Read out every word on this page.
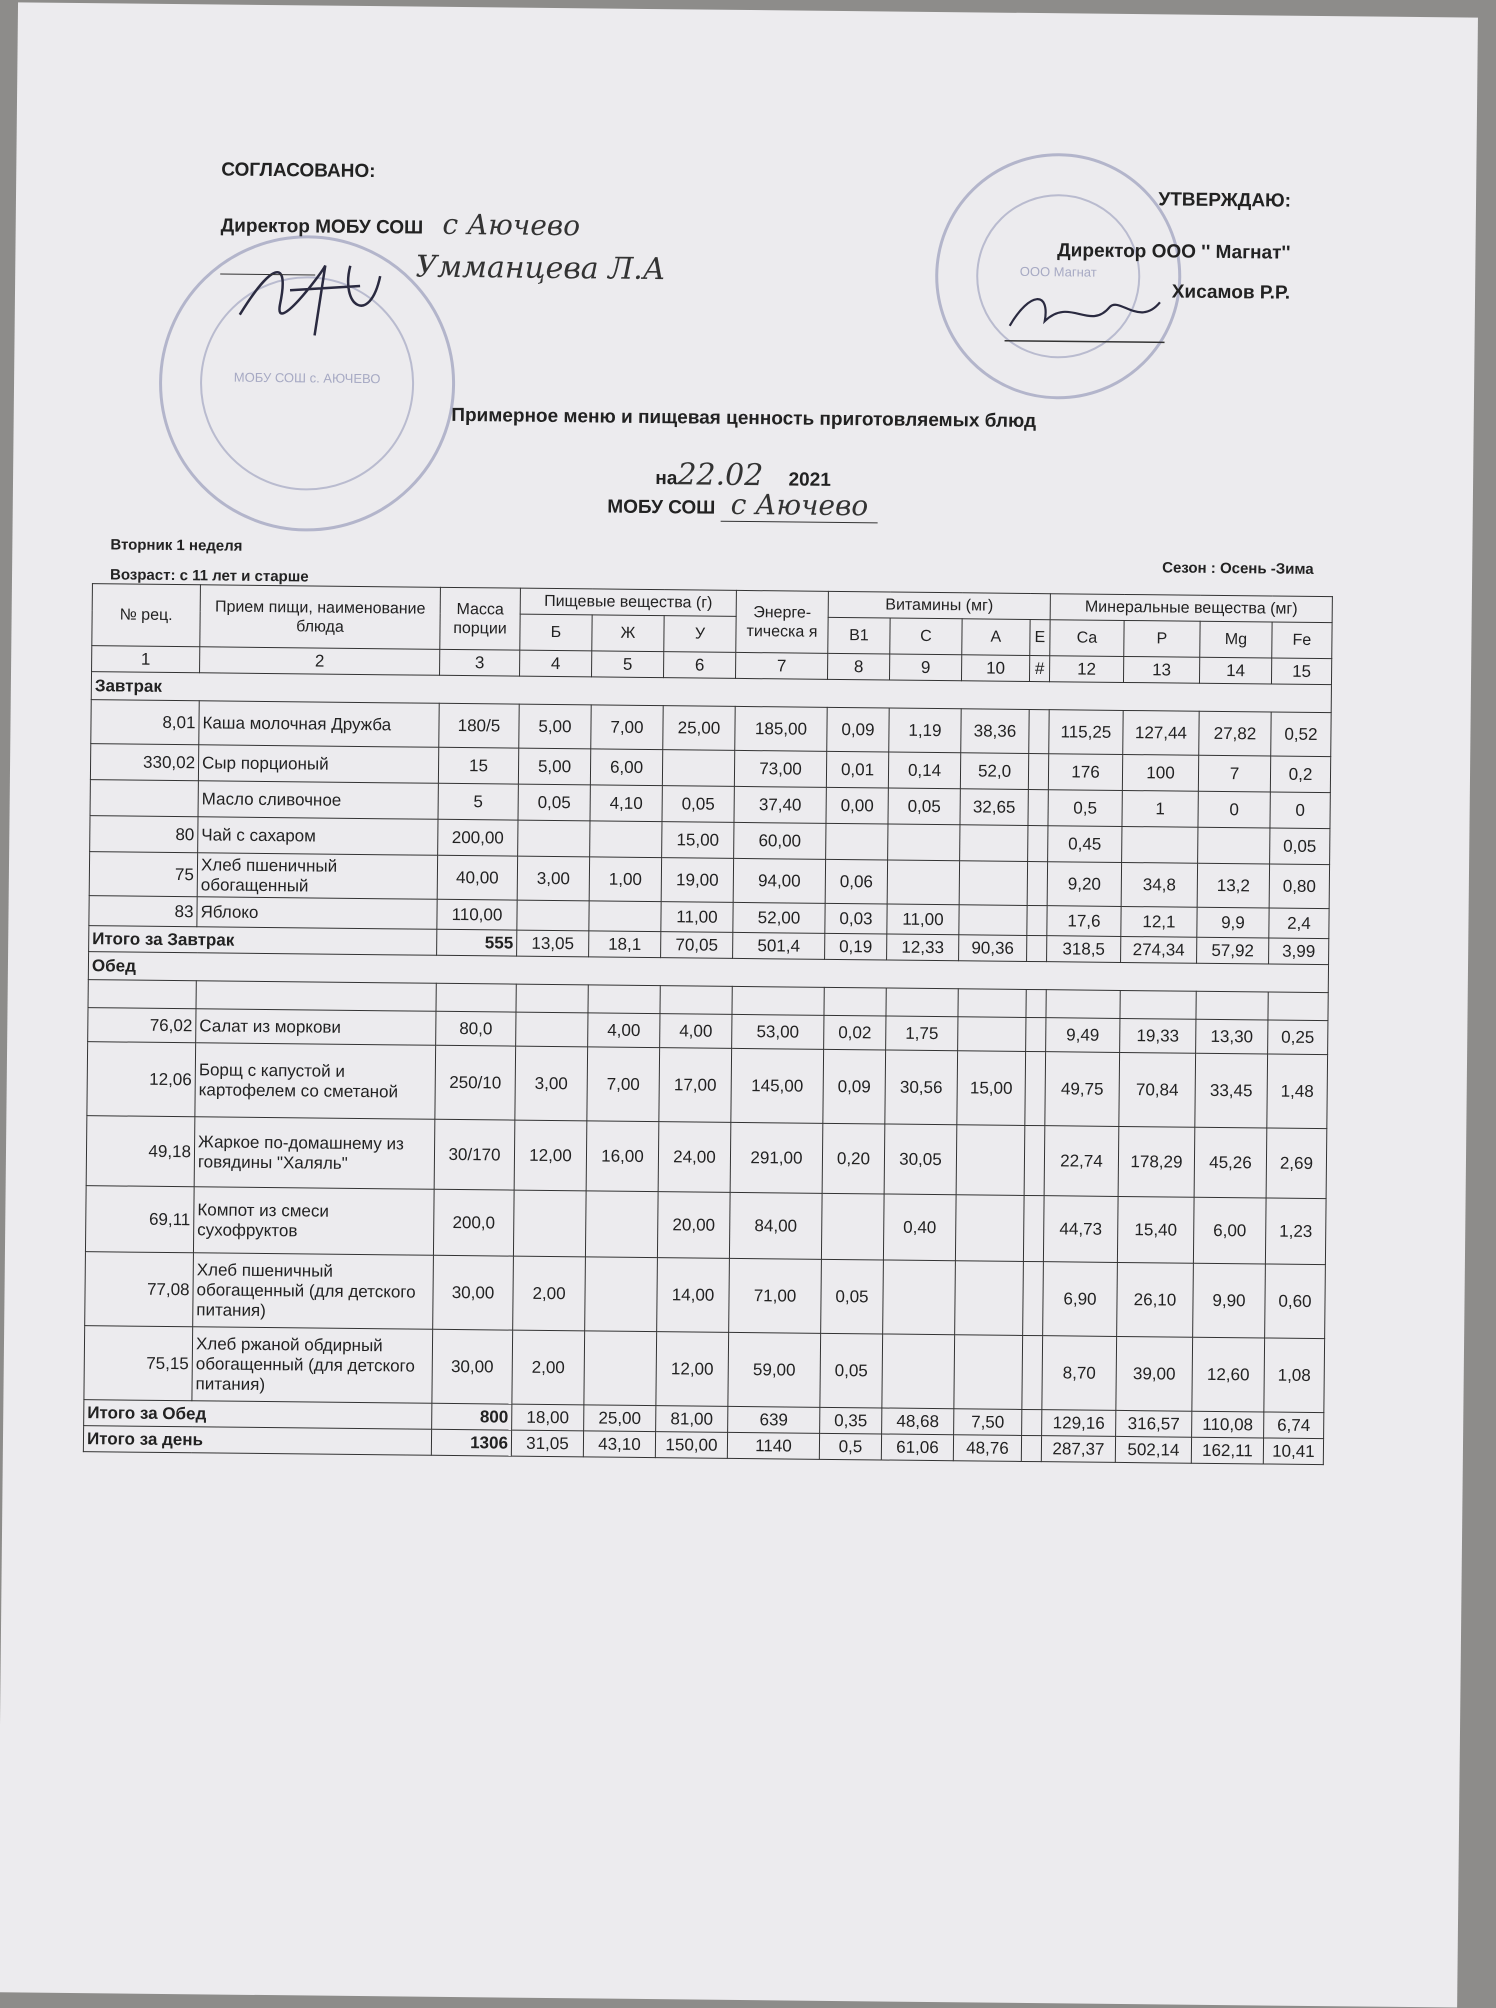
МОБУ СОШ с. АЮЧЕВО
ООО Магнат
СОГЛАСОВАНО:
Директор МОБУ СОШ с Аючево
Умманцева Л.А
УТВЕРЖДАЮ:
Директор ООО '' Магнат''
Хисамов Р.Р.
Примерное меню и пищевая ценность приготовляемых блюд
на22.02 2021
МОБУ СОШ с Аючево
Вторник 1 неделя
Возраст: с 11 лет и старше	Сезон : Осень -Зима
№ рец.	Прием пищи, наименование блюда	Масса порции	Пищевые вещества (г)			Энерге-тическа я	Витамины (мг)				Минеральные вещества (мг)			
			Б	Ж	У		В1	С	А	Е	Ca	P	Mg	Fe
1	2	3	4	5	6	7	8	9	10	#	12	13	14	15
Завтрак														
8,01	Каша молочная Дружба	180/5	5,00	7,00	25,00	185,00	0,09	1,19	38,36		115,25	127,44	27,82	0,52
330,02	Сыр порционый	15	5,00	6,00		73,00	0,01	0,14	52,0		176	100	7	0,2
	Масло сливочное	5	0,05	4,10	0,05	37,40	0,00	0,05	32,65		0,5	1	0	0
80	Чай с сахаром	200,00			15,00	60,00					0,45			0,05
75	Хлеб пшеничный обогащенный	40,00	3,00	1,00	19,00	94,00	0,06				9,20	34,8	13,2	0,80
83	Яблоко	110,00			11,00	52,00	0,03	11,00			17,6	12,1	9,9	2,4
Итого за Завтрак		555	13,05	18,1	70,05	501,4	0,19	12,33	90,36		318,5	274,34	57,92	3,99
Обед														

76,02	Салат из моркови	80,0		4,00	4,00	53,00	0,02	1,75			9,49	19,33	13,30	0,25
12,06	Борщ с капустой и картофелем со сметаной	250/10	3,00	7,00	17,00	145,00	0,09	30,56	15,00		49,75	70,84	33,45	1,48
49,18	Жаркое по-домашнему из говядины "Халяль"	30/170	12,00	16,00	24,00	291,00	0,20	30,05			22,74	178,29	45,26	2,69
69,11	Компот из смеси сухофруктов	200,0			20,00	84,00		0,40			44,73	15,40	6,00	1,23
77,08	Хлеб пшеничный обогащенный (для детского питания)	30,00	2,00		14,00	71,00	0,05				6,90	26,10	9,90	0,60
75,15	Хлеб ржаной обдирный обогащенный (для детского питания)	30,00	2,00		12,00	59,00	0,05				8,70	39,00	12,60	1,08
Итого за Обед		800	18,00	25,00	81,00	639	0,35	48,68	7,50		129,16	316,57	110,08	6,74
Итого за день		1306	31,05	43,10	150,00	1140	0,5	61,06	48,76		287,37	502,14	162,11	10,41
